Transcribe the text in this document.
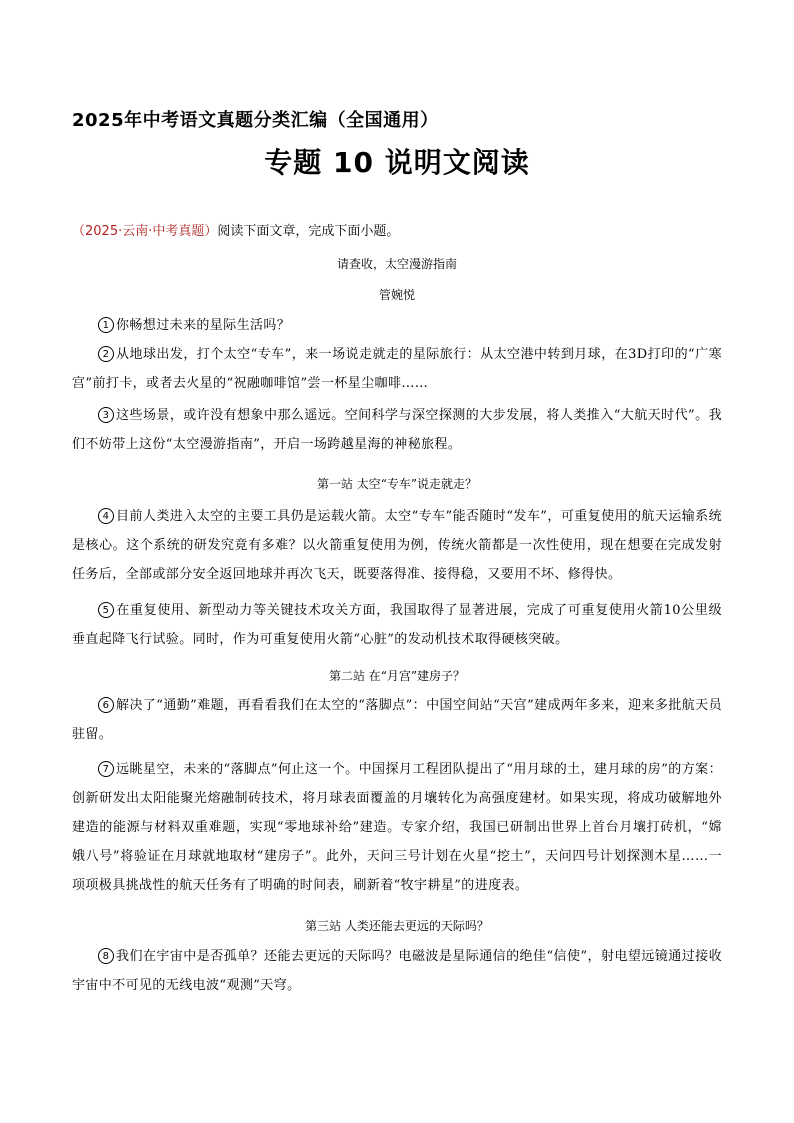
2025年中考语文真题分类汇编（全国通用）
专题 10 说明文阅读
（2025·云南·中考真题）阅读下面文章，完成下面小题。
请查收，太空漫游指南
管婉悦
1 你畅想过未来的星际生活吗？
2 从地球出发，打个太空“专车”，来一场说走就走的星际旅行：从太空港中转到月球，在3D打印的“广寒宫”前打卡，或者去火星的“祝融咖啡馆”尝一杯星尘咖啡……
3 这些场景，或许没有想象中那么遥远。空间科学与深空探测的大步发展，将人类推入“大航天时代”。我们不妨带上这份“太空漫游指南”，开启一场跨越星海的神秘旅程。
第一站 太空“专车”说走就走？
4 目前人类进入太空的主要工具仍是运载火箭。太空“专车”能否随时“发车”，可重复使用的航天运输系统是核心。这个系统的研发究竟有多难？以火箭重复使用为例，传统火箭都是一次性使用，现在想要在完成发射任务后，全部或部分安全返回地球并再次飞天，既要落得准、接得稳，又要用不坏、修得快。
5 在重复使用、新型动力等关键技术攻关方面，我国取得了显著进展，完成了可重复使用火箭10公里级垂直起降飞行试验。同时，作为可重复使用火箭“心脏”的发动机技术取得硬核突破。
第二站 在“月宫”建房子？
6 解决了“通勤”难题，再看看我们在太空的“落脚点”：中国空间站“天宫”建成两年多来，迎来多批航天员驻留。
7 远眺星空，未来的“落脚点”何止这一个。中国探月工程团队提出了“用月球的土，建月球的房”的方案：创新研发出太阳能聚光熔融制砖技术，将月球表面覆盖的月壤转化为高强度建材。如果实现，将成功破解地外建造的能源与材料双重难题，实现“零地球补给”建造。专家介绍，我国已研制出世界上首台月壤打砖机，“嫦娥八号”将验证在月球就地取材“建房子”。此外，天问三号计划在火星“挖土”，天问四号计划探测木星……一项项极具挑战性的航天任务有了明确的时间表，刷新着“牧宇耕星”的进度表。
第三站 人类还能去更远的天际吗？
8 我们在宇宙中是否孤单？还能去更远的天际吗？电磁波是星际通信的绝佳“信使”，射电望远镜通过接收宇宙中不可见的无线电波“观测”天穹。
